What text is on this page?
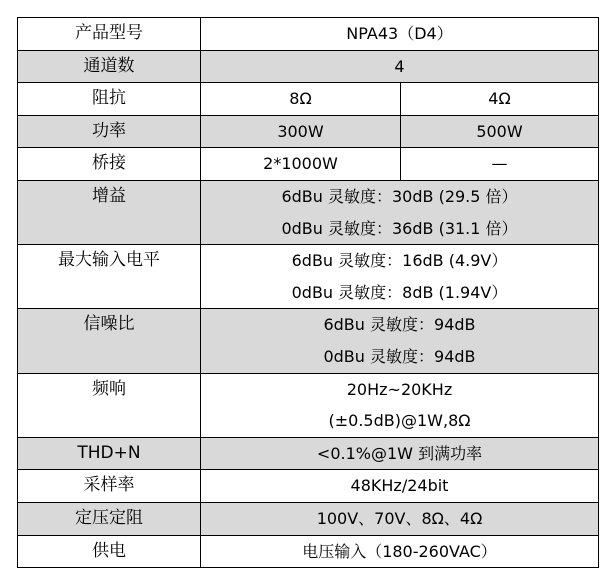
产品型号	NPA43（D4）	
通道数	4	
阻抗	8Ω	4Ω
功率	300W	500W
桥接	2*1000W	—
增益	6dBu 灵敏度：30dB (29.5 倍）
0dBu 灵敏度：36dB (31.1 倍）	

最大输入电平	6dBu 灵敏度：16dB (4.9V）
0dBu 灵敏度：8dB (1.94V）	

信噪比	6dBu 灵敏度：94dB
0dBu 灵敏度：94dB	

频响	20Hz~20KHz
(±0.5dB)@1W,8Ω	

THD+N	<0.1%@1W 到满功率	
采样率	48KHz/24bit	
定压定阻	100V、70V、8Ω、4Ω	
供电	电压输入（180-260VAC）	
